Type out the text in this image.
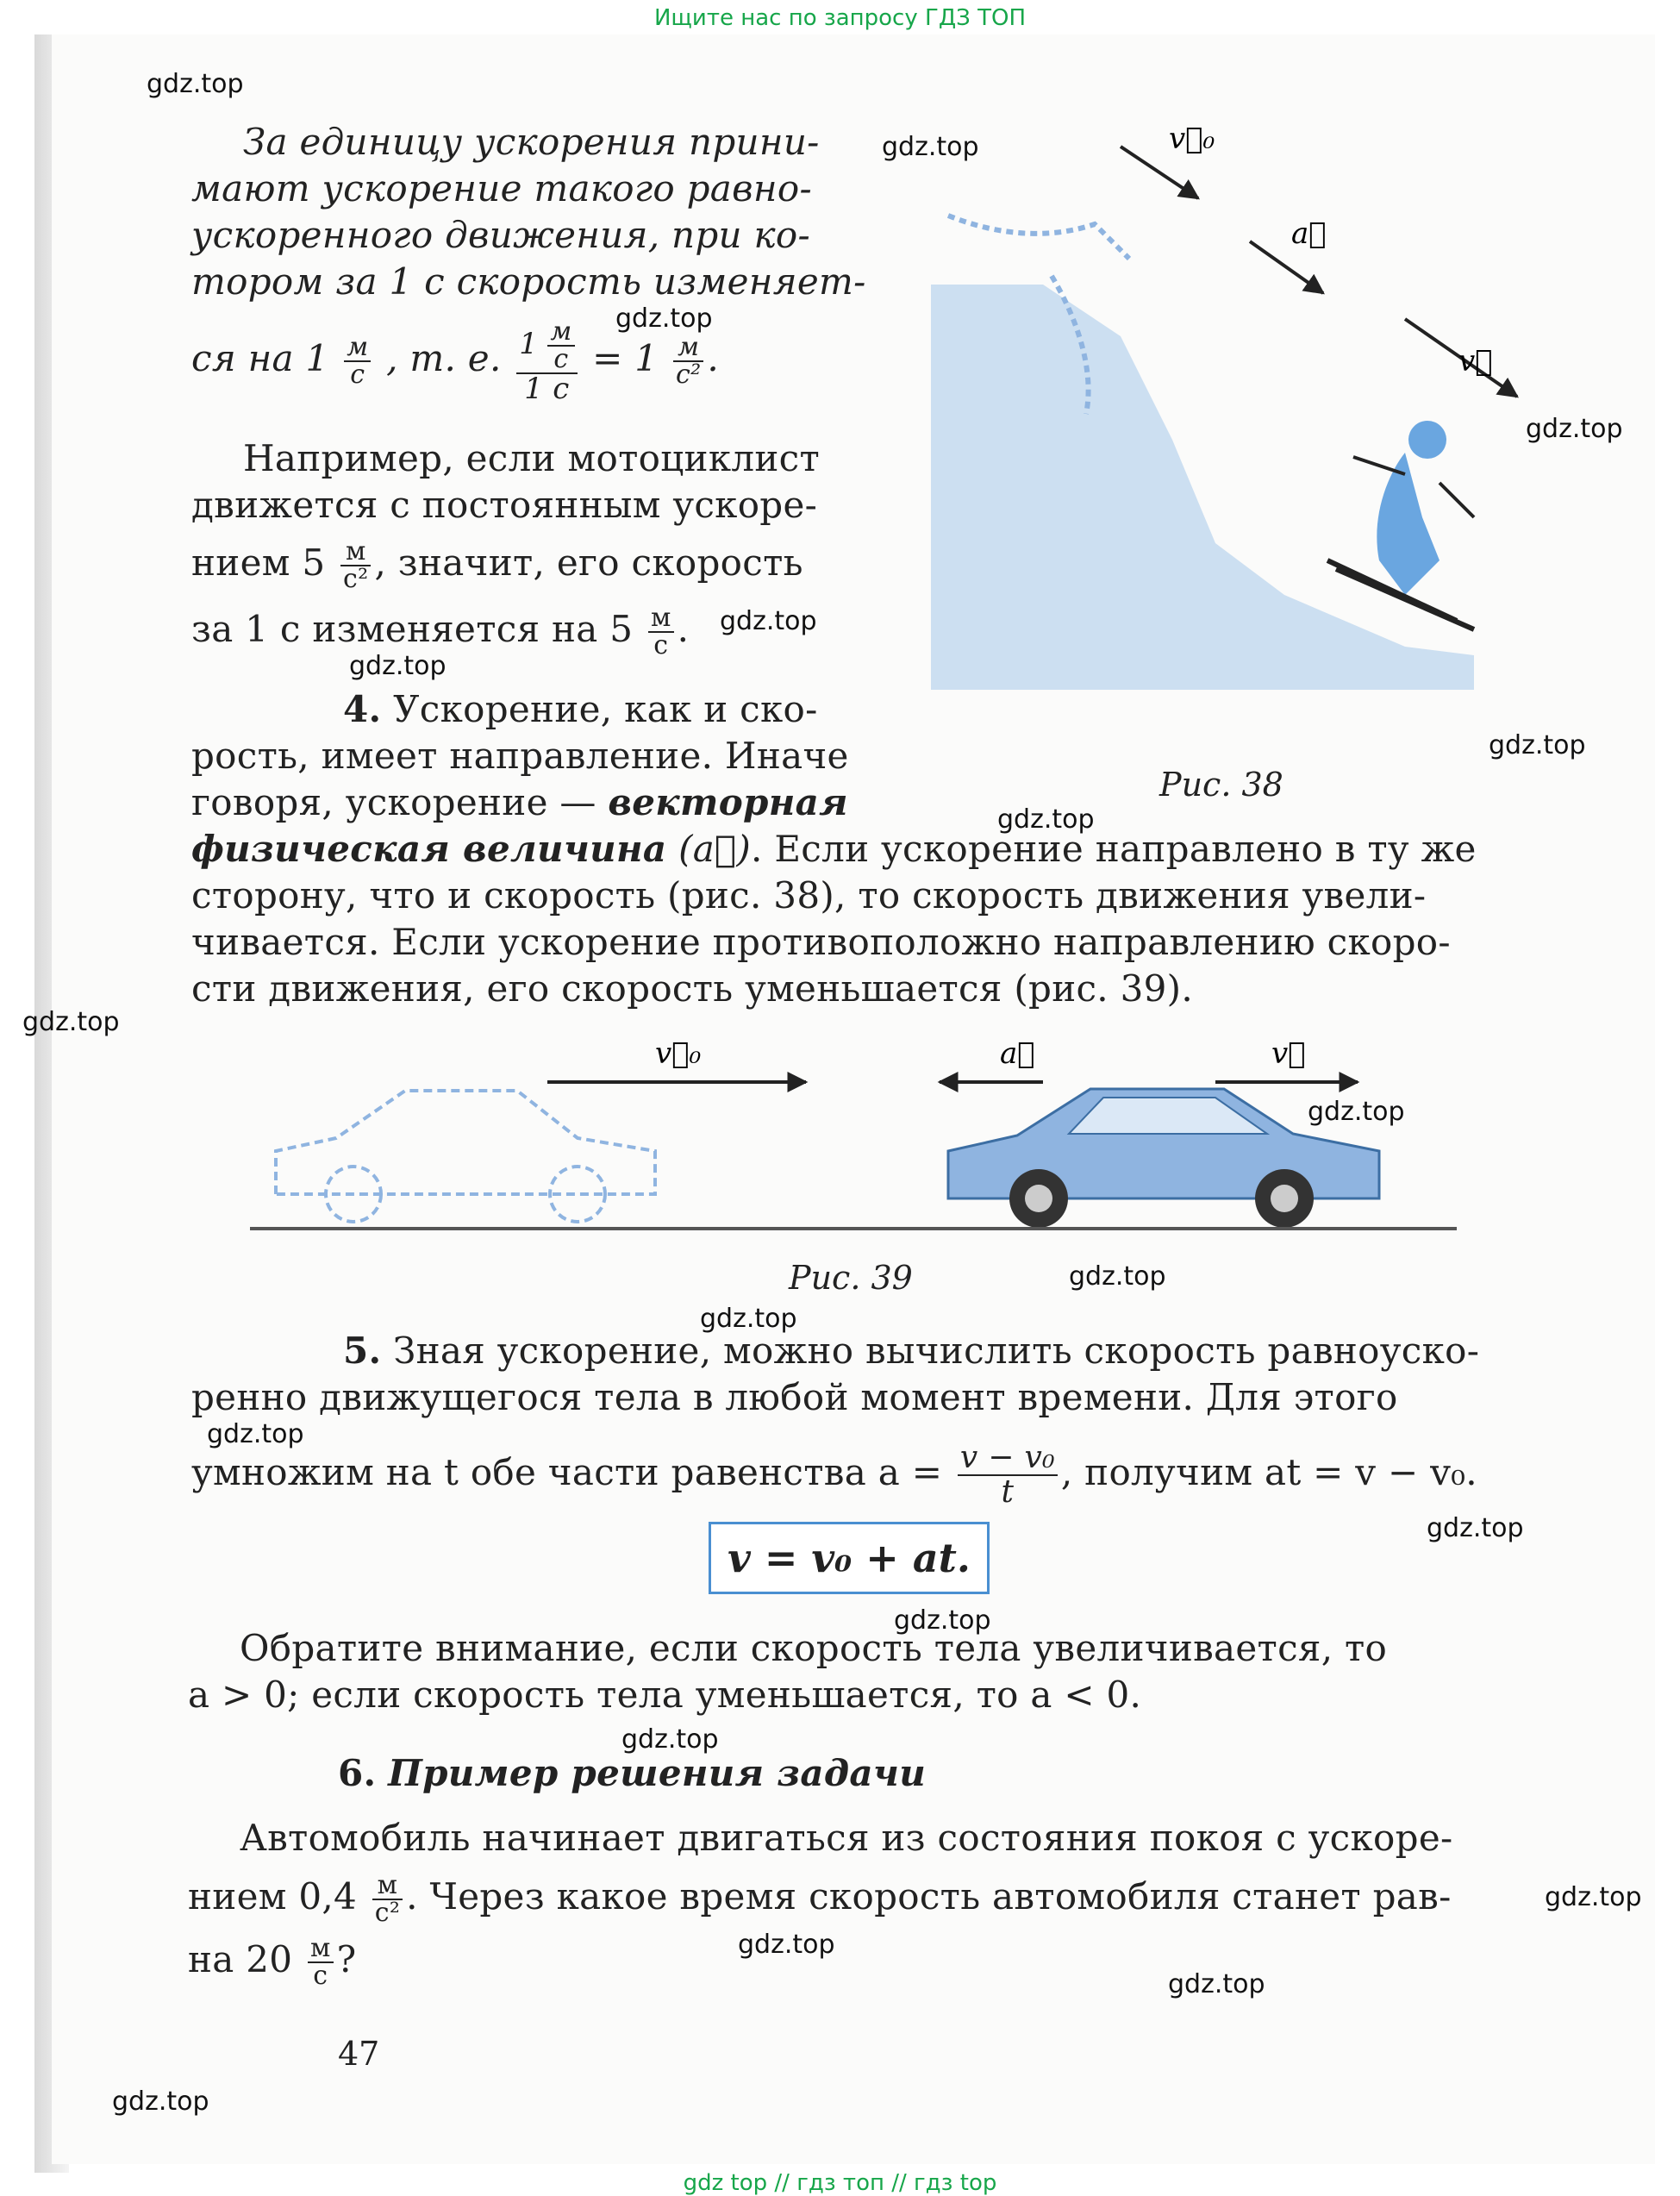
Ищите нас по запросу ГДЗ ТОП
gdz.top
gdz.top
gdz.top
gdz.top
gdz.top
gdz.top
gdz.top
gdz.top
gdz.top
gdz.top
gdz.top
gdz.top
gdz.top
gdz.top
gdz.top
gdz.top
gdz.top
gdz.top
gdz.top
gdz.top
За единицу ускорения прини-
мают ускорение такого равно-
ускоренного движения, при ко-
тором за 1 с скорость изменяет-
ся на $1 \frac{м}{с}$ , т. е. $\frac{1 \frac{м}{с}}{1 с} = 1 \frac{м}{\text{с²}}$ .
Например, если мотоциклист
движется с постоянным ускоре-
нием $5 \frac{м}{\text{с²}}$ , значит, его скорость
за 1 с изменяется на $5 \frac{м}{с}$ .
4. Ускорение, как и ско-
рость, имеет направление. Иначе
говоря, ускорение — векторная
физическая величина (a⃗). Если ускорение направлено в ту же
сторону, что и скорость (рис. 38), то скорость движения увели-
чивается. Если ускорение противоположно направлению скоро-
сти движения, его скорость уменьшается (рис. 39).
v⃗₀
a⃗
v⃗
Рис. 38
v⃗₀	a⃗	v⃗
Рис. 39
5. Зная ускорение, можно вычислить скорость равноуско-
ренно движущегося тела в любой момент времени. Для этого
умножим на t обе части равенства $a = \frac{\text{v − v₀}}{t}$ , получим at = v − v₀.
v = v₀ + at.
Обратите внимание, если скорость тела увеличивается, то
a > 0; если скорость тела уменьшается, то a < 0.
6. Пример решения задачи
Автомобиль начинает двигаться из состояния покоя с ускоре-
нием $0,4 \frac{м}{\text{с²}}$ . Через какое время скорость автомобиля станет рав-
на $20 \frac{м}{с}$ ?
47
gdz top // гдз топ // гдз top
